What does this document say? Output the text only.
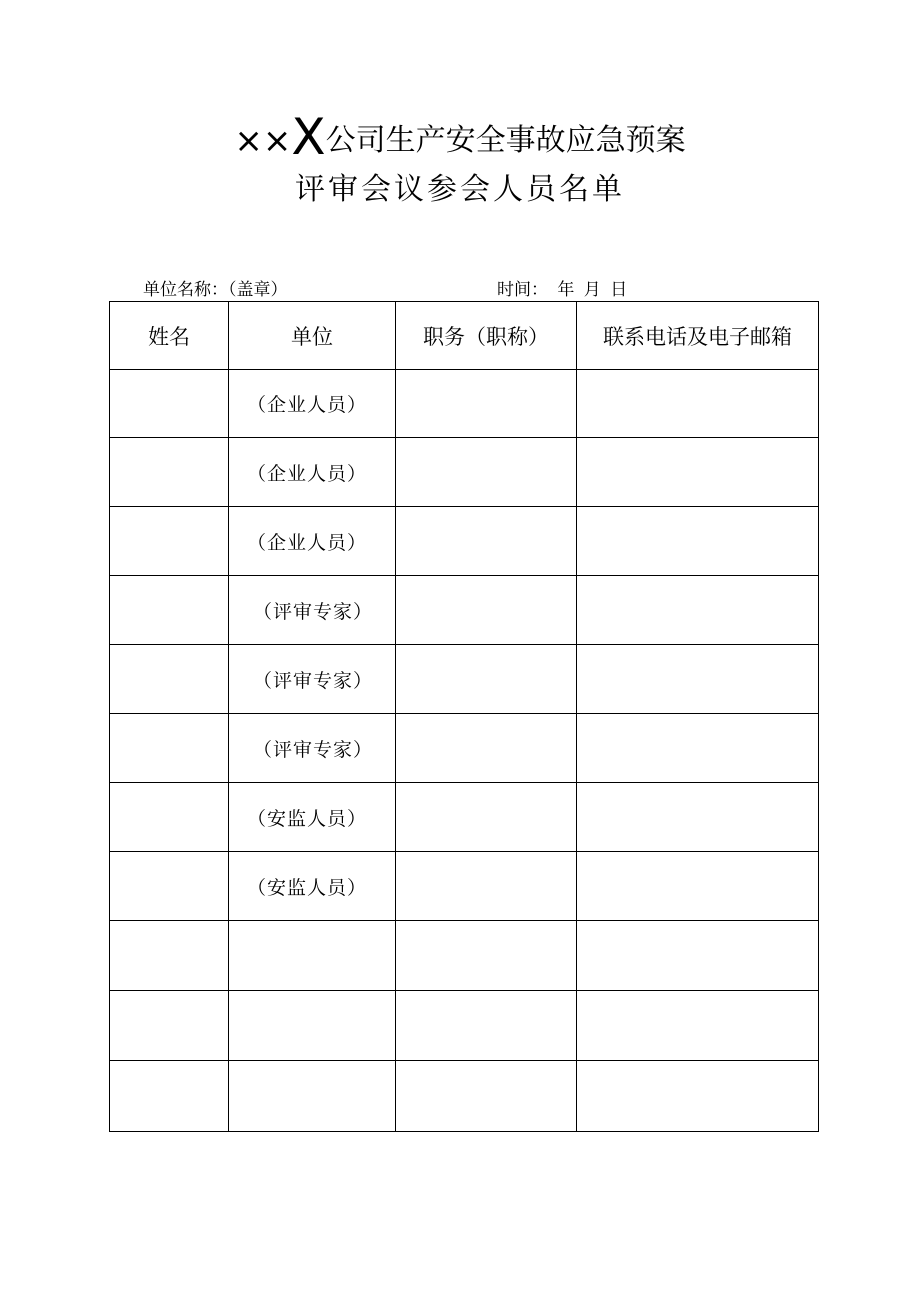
××X公司生产安全事故应急预案
评审会议参会人员名单
单位名称：（盖章）	时间： 年 月 日
姓名	单位	职务（职称）	联系电话及电子邮箱
	（企业人员）		
	（企业人员）		
	（企业人员）		
	（评审专家）		
	（评审专家）		
	（评审专家）		
	（安监人员）		
	（安监人员）		
